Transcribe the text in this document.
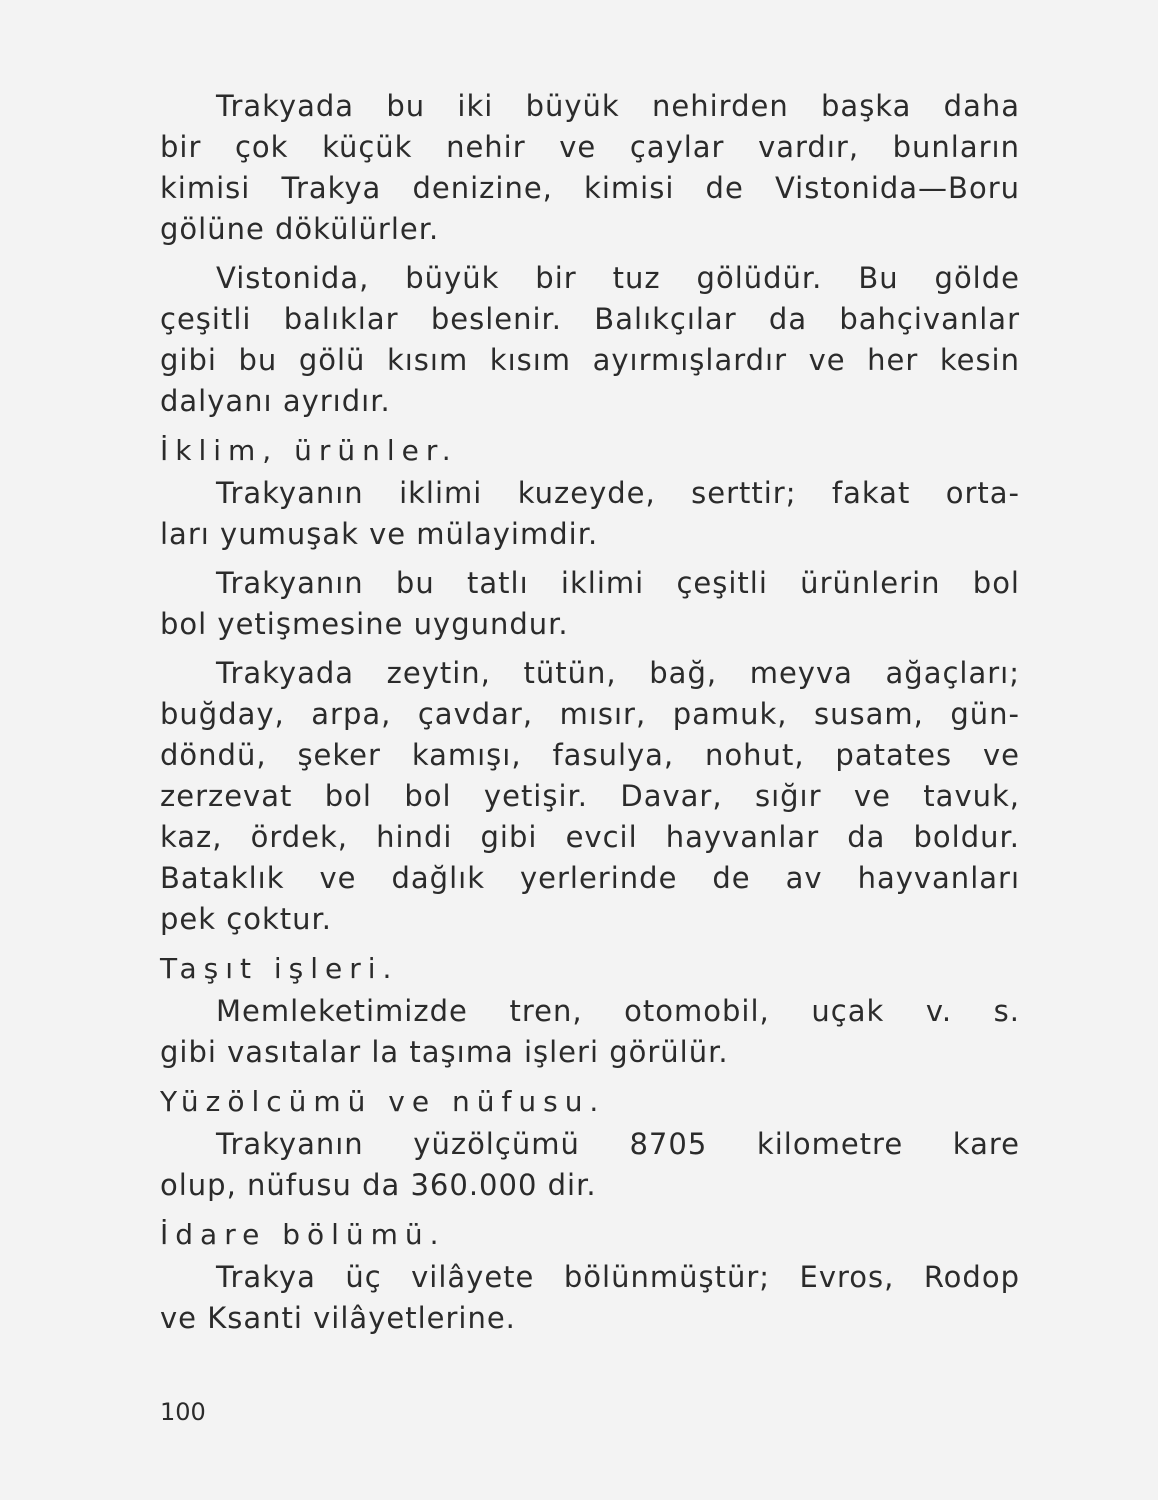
Trakyada bu iki büyük nehirden başka daha
bir çok küçük nehir ve çaylar vardır, bunların
kimisi Trakya denizine, kimisi de Vistonida—Boru
gölüne dökülürler.
Vistonida, büyük bir tuz gölüdür. Bu gölde
çeşitli balıklar beslenir. Balıkçılar da bahçivanlar
gibi bu gölü kısım kısım ayırmışlardır ve her kesin
dalyanı ayrıdır.
İklim, ürünler.
Trakyanın iklimi kuzeyde, serttir; fakat orta-
ları yumuşak ve mülayimdir.
Trakyanın bu tatlı iklimi çeşitli ürünlerin bol
bol yetişmesine uygundur.
Trakyada zeytin, tütün, bağ, meyva ağaçları;
buğday, arpa, çavdar, mısır, pamuk, susam, gün-
döndü, şeker kamışı, fasulya, nohut, patates ve
zerzevat bol bol yetişir. Davar, sığır ve tavuk,
kaz, ördek, hindi gibi evcil hayvanlar da boldur.
Bataklık ve dağlık yerlerinde de av hayvanları
pek çoktur.
Taşıt işleri.
Memleketimizde tren, otomobil, uçak v. s.
gibi vasıtalar la taşıma işleri görülür.
Yüzölcümü ve nüfusu.
Trakyanın yüzölçümü 8705 kilometre kare
olup, nüfusu da 360.000 dir.
İdare bölümü.
Trakya üç vilâyete bölünmüştür; Evros, Rodop
ve Ksanti vilâyetlerine.
100
